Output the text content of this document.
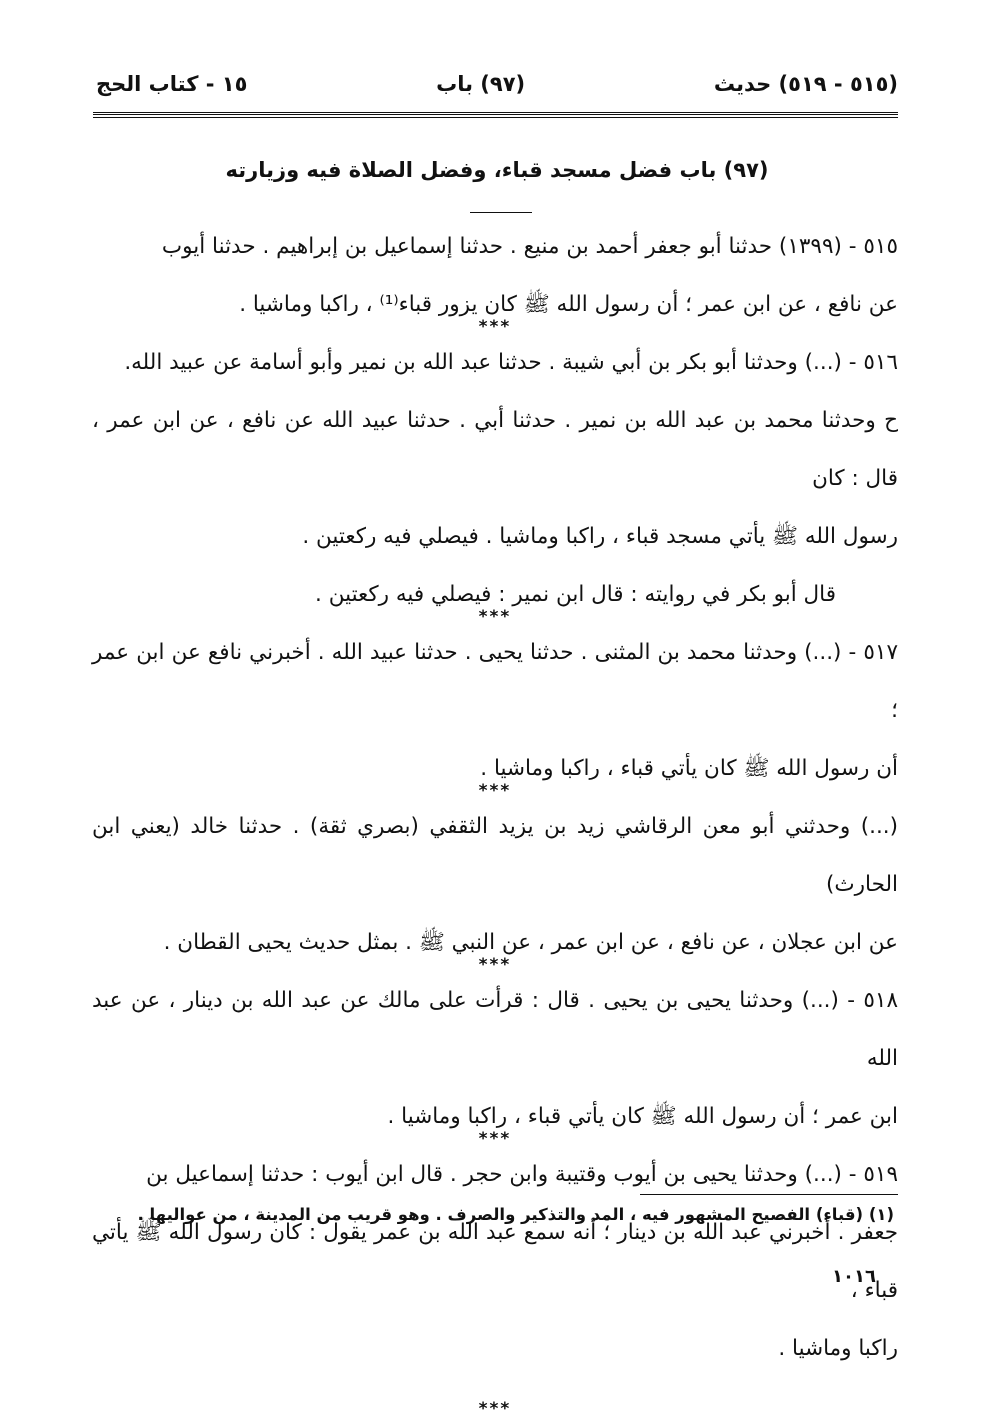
١٥ - كتاب الحج	(٩٧) باب	(٥١٥ - ٥١٩) حديث
(٩٧) باب فضل مسجد قباء، وفضل الصلاة فيه وزيارته

٥١٥ - (١٣٩٩) حدثنا أبو جعفر أحمد بن منيع . حدثنا إسماعيل بن إبراهيم . حدثنا أيوب

عن نافع ، عن ابن عمر ؛ أن رسول الله ﷺ كان يزور قباء⁽¹⁾ ، راكبا وماشيا .

***

٥١٦ - (...) وحدثنا أبو بكر بن أبي شيبة . حدثنا عبد الله بن نمير وأبو أسامة عن عبيد الله.

ح وحدثنا محمد بن عبد الله بن نمير . حدثنا أبي . حدثنا عبيد الله عن نافع ، عن ابن عمر ، قال : كان

رسول الله ﷺ يأتي مسجد قباء ، راكبا وماشيا . فيصلي فيه ركعتين .

قال أبو بكر في روايته : قال ابن نمير : فيصلي فيه ركعتين .

***

٥١٧ - (...) وحدثنا محمد بن المثنى . حدثنا يحيى . حدثنا عبيد الله . أخبرني نافع عن ابن عمر ؛

أن رسول الله ﷺ كان يأتي قباء ، راكبا وماشيا .

***

(...) وحدثني أبو معن الرقاشي زيد بن يزيد الثقفي (بصري ثقة) . حدثنا خالد (يعني ابن الحارث)

عن ابن عجلان ، عن نافع ، عن ابن عمر ، عن النبي ﷺ . بمثل حديث يحيى القطان .

***

٥١٨ - (...) وحدثنا يحيى بن يحيى . قال : قرأت على مالك عن عبد الله بن دينار ، عن عبد الله

ابن عمر ؛ أن رسول الله ﷺ كان يأتي قباء ، راكبا وماشيا .

***

٥١٩ - (...) وحدثنا يحيى بن أيوب وقتيبة وابن حجر . قال ابن أيوب : حدثنا إسماعيل بن

جعفر . أخبرني عبد الله بن دينار ؛ أنه سمع عبد الله بن عمر يقول : كان رسول الله ﷺ يأتي قباء ،

راكبا وماشيا .

***
(١) (قباء) الفصيح المشهور فيه ، المد والتذكير والصرف . وهو قريب من المدينة ، من عواليها .
١٠١٦
